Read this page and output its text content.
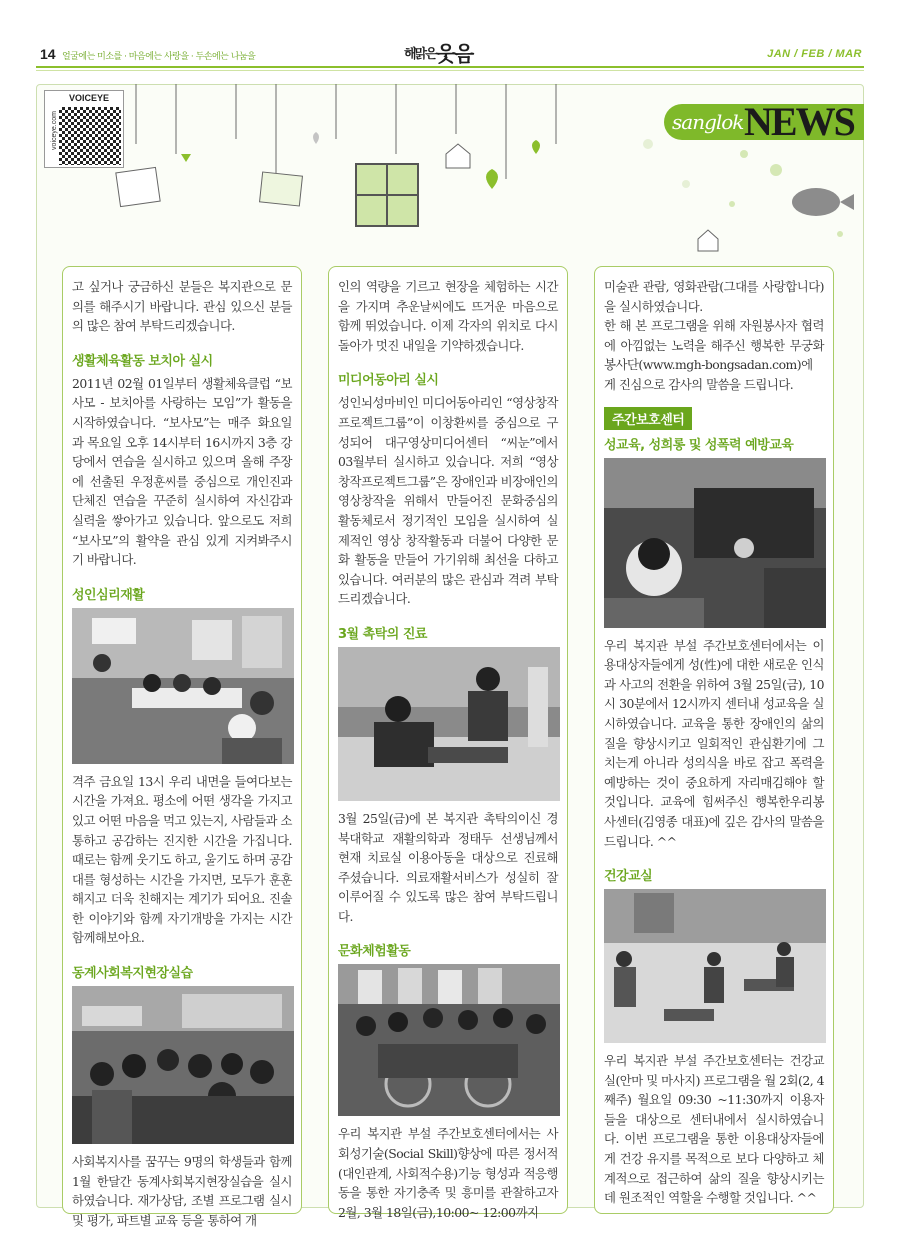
14 얼굴에는 미소를 · 마음에는 사랑을 · 두손에는 나눔을	해맑은웃음	JAN / FEB / MAR
VOICEYE
voiceye.com	sanglok NEWS

고 싶거나 궁금하신 분들은 복지관으로 문의를 해주시기 바랍니다. 관심 있으신 분들의 많은 참여 부탁드리겠습니다.

생활체육활동 보치아 실시

2011년 02월 01일부터 생활체육클럽 “보사모 - 보치아를 사랑하는 모임”가 활동을 시작하였습니다. “보사모”는 매주 화요일과 목요일 오후 14시부터 16시까지 3층 강당에서 연습을 실시하고 있으며 올해 주장에 선출된 우정훈씨를 중심으로 개인진과 단체진 연습을 꾸준히 실시하여 자신감과 실력을 쌓아가고 있습니다. 앞으로도 저희 “보사모”의 활약을 관심 있게 지켜봐주시기 바랍니다.

성인심리재활

격주 금요일 13시 우리 내면을 들여다보는 시간을 가져요. 평소에 어떤 생각을 가지고 있고 어떤 마음을 먹고 있는지, 사람들과 소통하고 공감하는 진지한 시간을 가집니다. 때로는 함께 웃기도 하고, 울기도 하며 공감대를 형성하는 시간을 가지면, 모두가 훈훈해지고 더욱 친해지는 계기가 되어요. 진솔한 이야기와 함께 자기개방을 가지는 시간 함께해보아요.

동계사회복지현장실습

사회복지사를 꿈꾸는 9명의 학생들과 함께 1월 한달간 동계사회복지현장실습을 실시하였습니다. 재가상담, 조별 프로그램 실시 및 평가, 파트별 교육 등을 통하여 개

인의 역량을 기르고 현장을 체험하는 시간을 가지며 추운날씨에도 뜨거운 마음으로 함께 뛰었습니다. 이제 각자의 위치로 다시 돌아가 멋진 내일을 기약하겠습니다.

미디어동아리 실시

성인뇌성마비인 미디어동아리인 “영상창작프로젝트그룹”이 이창환씨를 중심으로 구성되어 대구영상미디어센터 “씨눈”에서 03월부터 실시하고 있습니다. 저희 “영상창작프로젝트그룹”은 장애인과 비장애인의 영상창작을 위해서 만들어진 문화중심의 활동체로서 정기적인 모임을 실시하여 실제적인 영상 창작활동과 더불어 다양한 문화 활동을 만들어 가기위해 최선을 다하고 있습니다. 여러분의 많은 관심과 격려 부탁드리겠습니다.

3월 촉탁의 진료

3월 25일(금)에 본 복지관 촉탁의이신 경북대학교 재활의학과 정태두 선생님께서 현재 치료실 이용아동을 대상으로 진료해주셨습니다. 의료재활서비스가 성실히 잘 이루어질 수 있도록 많은 참여 부탁드립니다.

문화체험활동

우리 복지관 부설 주간보호센터에서는 사회성기술(Social Skill)향상에 따른 정서적(대인관계, 사회적수용)기능 형성과 적응행동을 통한 자기충족 및 흥미를 관찰하고자 2월, 3월 18일(금),10:00~ 12:00까지

미술관 관람, 영화관람(그대를 사랑합니다)을 실시하였습니다.

한 해 본 프로그램을 위해 자원봉사자 협력에 아낌없는 노력을 해주신 행복한 무궁화봉사단(www.mgh-bongsadan.com)에게 진심으로 감사의 말씀을 드립니다.

주간보호센터
성교육, 성희롱 및 성폭력 예방교육

우리 복지관 부설 주간보호센터에서는 이용대상자들에게 성(性)에 대한 새로운 인식과 사고의 전환을 위하여 3월 25일(금), 10시 30분에서 12시까지 센터내 성교육을 실시하였습니다. 교육을 통한 장애인의 삶의 질을 향상시키고 일회적인 관심환기에 그치는게 아니라 성의식을 바로 잡고 폭력을 예방하는 것이 중요하게 자리매김해야 할 것입니다. 교육에 힘써주신 행복한우리봉사센터(김영종 대표)에 깊은 감사의 말씀을 드립니다. ^^

건강교실

우리 복지관 부설 주간보호센터는 건강교실(안마 및 마사지) 프로그램을 월 2회(2, 4째주) 월요일 09:30 ~11:30까지 이용자들을 대상으로 센터내에서 실시하였습니다. 이번 프로그램을 통한 이용대상자들에게 건강 유지를 목적으로 보다 다양하고 체계적으로 접근하여 삶의 질을 향상시키는데 원조적인 역할을 수행할 것입니다. ^^
